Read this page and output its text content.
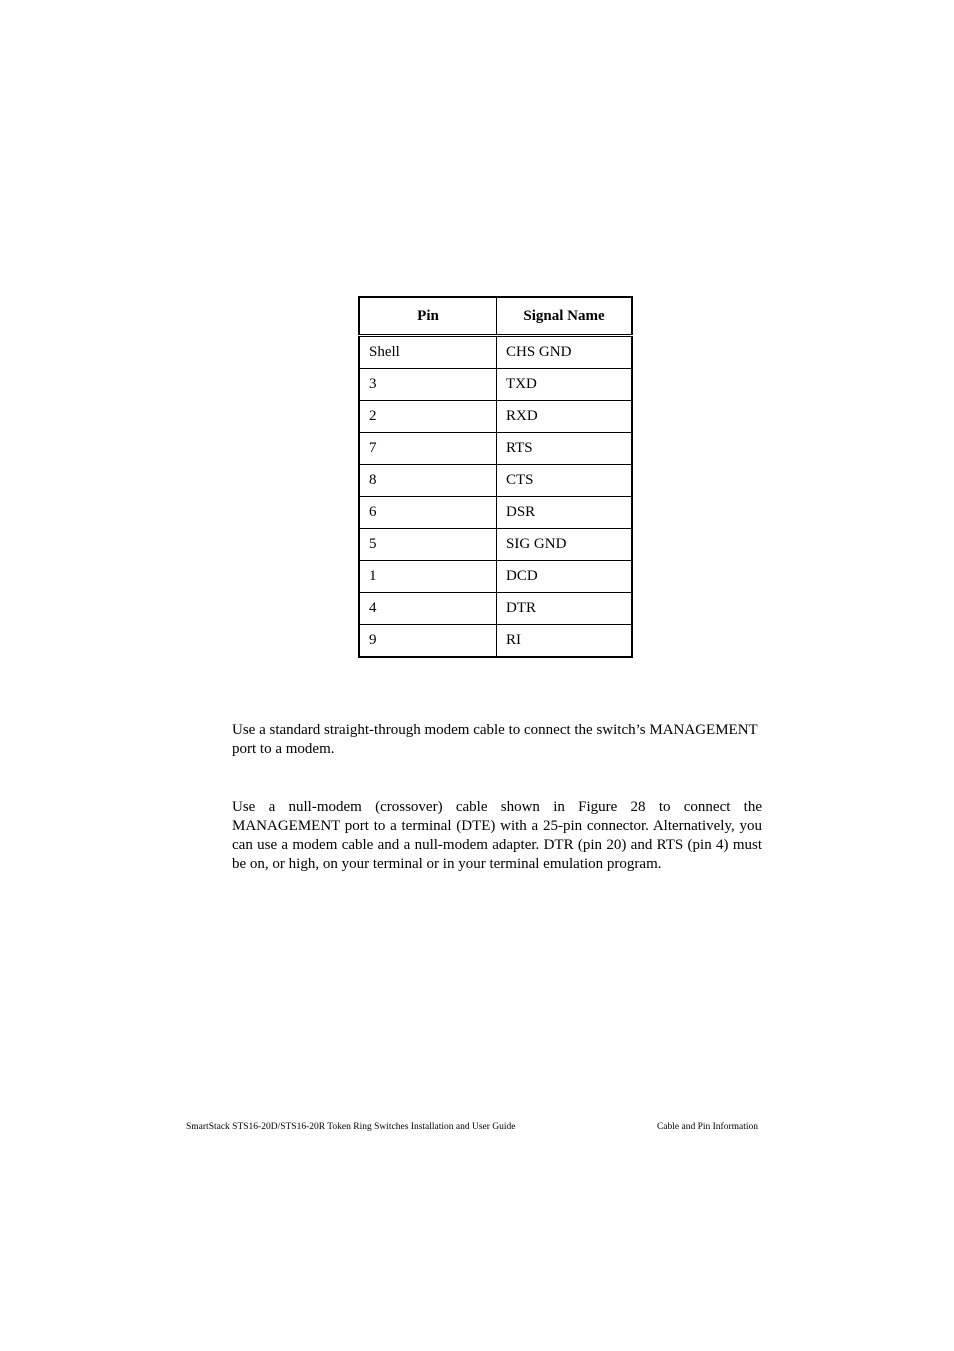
Pin	Signal Name
Shell	CHS GND
3	TXD
2	RXD
7	RTS
8	CTS
6	DSR
5	SIG GND
1	DCD
4	DTR
9	RI

Use a standard straight-through modem cable to connect the switch’s MANAGEMENT port to a modem.

Use a null-modem (crossover) cable shown in Figure 28 to connect the MANAGEMENT port to a terminal (DTE) with a 25-pin connector. Alternatively, you can use a modem cable and a null-modem adapter. DTR (pin 20) and RTS (pin 4) must be on, or high, on your terminal or in your terminal emulation program.

SmartStack STS16-20D/STS16-20R Token Ring Switches Installation and User Guide	Cable and Pin Information
